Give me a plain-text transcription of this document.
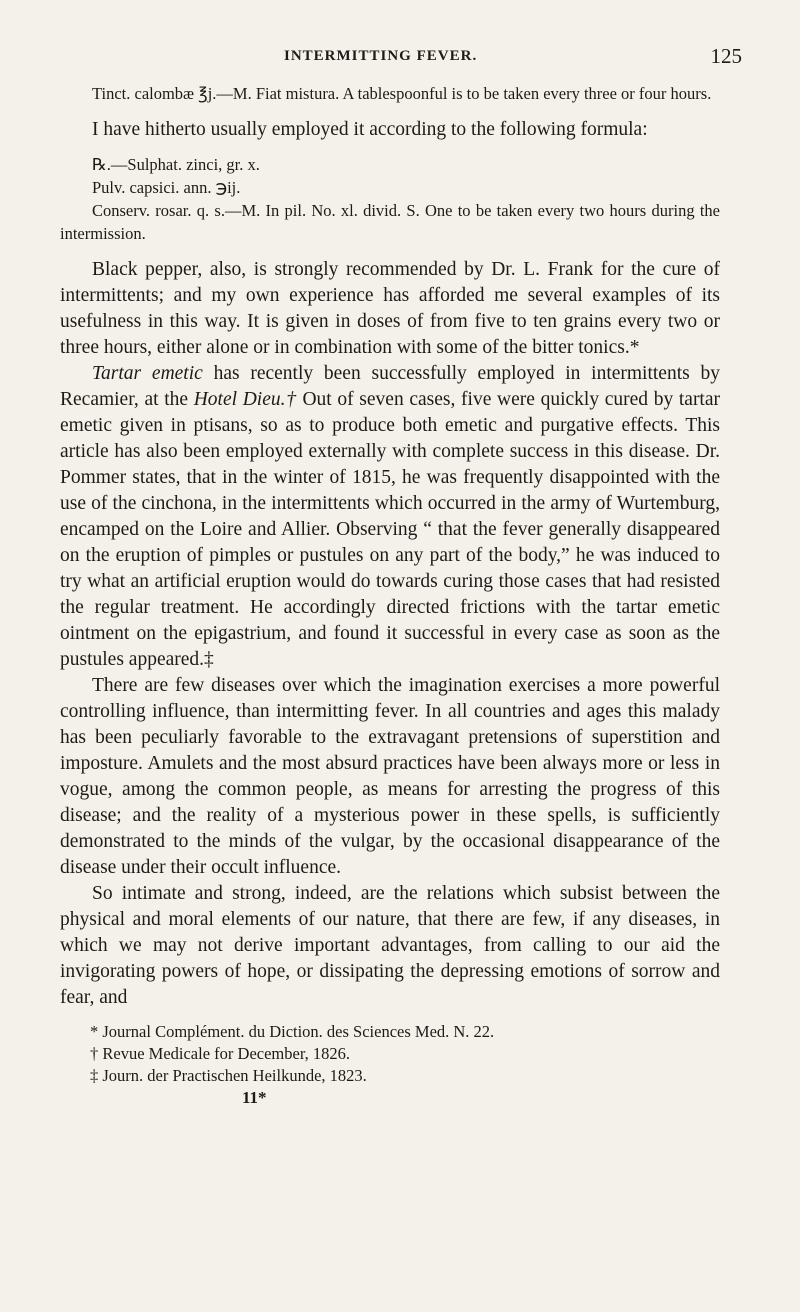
INTERMITTING FEVER.	125

Tinct. calombæ ℥j.—M. Fiat mistura. A tablespoonful is to be taken every three or four hours.

I have hitherto usually employed it according to the following formula:

℞.—Sulphat. zinci, gr. x.

Pulv. capsici. ann. ℈ij.

Conserv. rosar. q. s.—M. In pil. No. xl. divid. S. One to be taken every two hours during the intermission.

Black pepper, also, is strongly recommended by Dr. L. Frank for the cure of intermittents; and my own experience has afforded me several examples of its usefulness in this way. It is given in doses of from five to ten grains every two or three hours, either alone or in combination with some of the bitter tonics.*

Tartar emetic has recently been successfully employed in intermittents by Recamier, at the Hotel Dieu.† Out of seven cases, five were quickly cured by tartar emetic given in ptisans, so as to produce both emetic and purgative effects. This article has also been employed externally with complete success in this disease. Dr. Pommer states, that in the winter of 1815, he was frequently disappointed with the use of the cinchona, in the intermittents which occurred in the army of Wurtemburg, encamped on the Loire and Allier. Observing “ that the fever generally disappeared on the eruption of pimples or pustules on any part of the body,” he was induced to try what an artificial eruption would do towards curing those cases that had resisted the regular treatment. He accordingly directed frictions with the tartar emetic ointment on the epigastrium, and found it successful in every case as soon as the pustules appeared.‡

There are few diseases over which the imagination exercises a more powerful controlling influence, than intermitting fever. In all countries and ages this malady has been peculiarly favorable to the extravagant pretensions of superstition and imposture. Amulets and the most absurd practices have been always more or less in vogue, among the common people, as means for arresting the progress of this disease; and the reality of a mysterious power in these spells, is sufficiently demonstrated to the minds of the vulgar, by the occasional disappearance of the disease under their occult influence.

So intimate and strong, indeed, are the relations which subsist between the physical and moral elements of our nature, that there are few, if any diseases, in which we may not derive important advantages, from calling to our aid the invigorating powers of hope, or dissipating the depressing emotions of sorrow and fear, and

* Journal Complément. du Diction. des Sciences Med. N. 22.

† Revue Medicale for December, 1826.

‡ Journ. der Practischen Heilkunde, 1823.

11*
